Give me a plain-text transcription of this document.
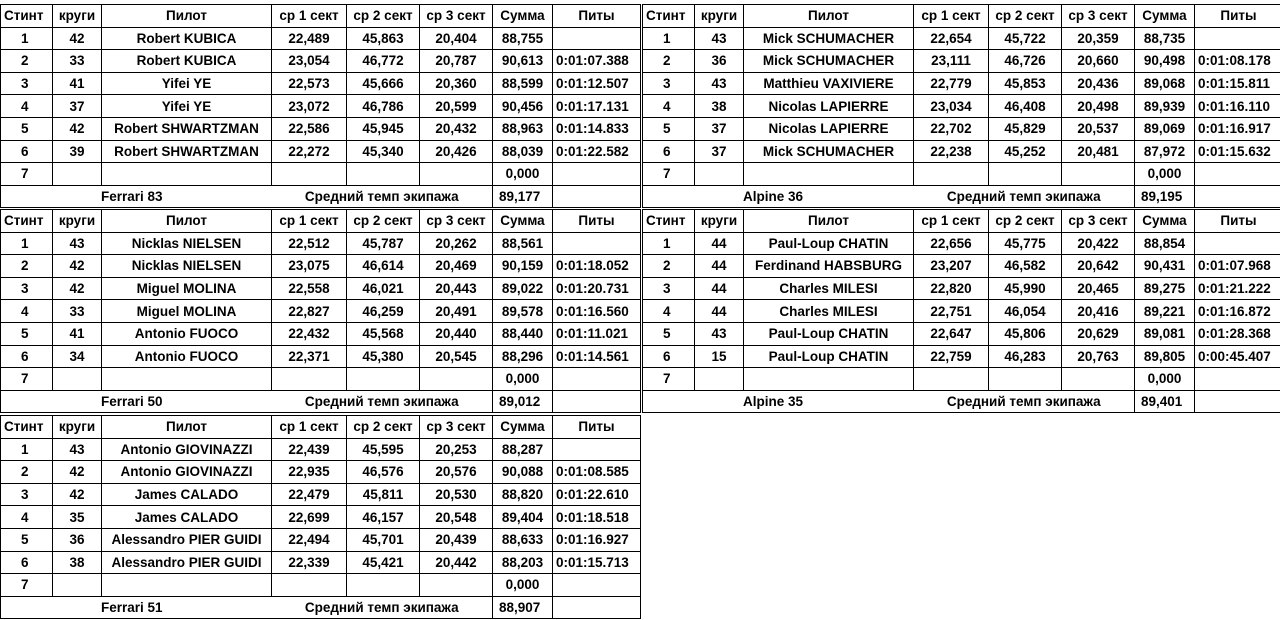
Стинт	круги	Пилот	ср 1 сект	ср 2 сект	ср 3 сект	Сумма	Питы
1	42	Robert KUBICA	22,489	45,863	20,404	88,755	
2	33	Robert KUBICA	23,054	46,772	20,787	90,613	0:01:07.388
3	41	Yifei YE	22,573	45,666	20,360	88,599	0:01:12.507
4	37	Yifei YE	23,072	46,786	20,599	90,456	0:01:17.131
5	42	Robert SHWARTZMAN	22,586	45,945	20,432	88,963	0:01:14.833
6	39	Robert SHWARTZMAN	22,272	45,340	20,426	88,039	0:01:22.582
7						0,000	
Ferrari 83			Средний темп экипажа			89,177	
Стинт	круги	Пилот	ср 1 сект	ср 2 сект	ср 3 сект	Сумма	Питы
1	43	Mick SCHUMACHER	22,654	45,722	20,359	88,735	
2	36	Mick SCHUMACHER	23,111	46,726	20,660	90,498	0:01:08.178
3	43	Matthieu VAXIVIERE	22,779	45,853	20,436	89,068	0:01:15.811
4	38	Nicolas LAPIERRE	23,034	46,408	20,498	89,939	0:01:16.110
5	37	Nicolas LAPIERRE	22,702	45,829	20,537	89,069	0:01:16.917
6	37	Mick SCHUMACHER	22,238	45,252	20,481	87,972	0:01:15.632
7						0,000	
Alpine 36			Средний темп экипажа			89,195	
Стинт	круги	Пилот	ср 1 сект	ср 2 сект	ср 3 сект	Сумма	Питы
1	43	Nicklas NIELSEN	22,512	45,787	20,262	88,561	
2	42	Nicklas NIELSEN	23,075	46,614	20,469	90,159	0:01:18.052
3	42	Miguel MOLINA	22,558	46,021	20,443	89,022	0:01:20.731
4	33	Miguel MOLINA	22,827	46,259	20,491	89,578	0:01:16.560
5	41	Antonio FUOCO	22,432	45,568	20,440	88,440	0:01:11.021
6	34	Antonio FUOCO	22,371	45,380	20,545	88,296	0:01:14.561
7						0,000	
Ferrari 50			Средний темп экипажа			89,012	
Стинт	круги	Пилот	ср 1 сект	ср 2 сект	ср 3 сект	Сумма	Питы
1	44	Paul-Loup CHATIN	22,656	45,775	20,422	88,854	
2	44	Ferdinand HABSBURG	23,207	46,582	20,642	90,431	0:01:07.968
3	44	Charles MILESI	22,820	45,990	20,465	89,275	0:01:21.222
4	44	Charles MILESI	22,751	46,054	20,416	89,221	0:01:16.872
5	43	Paul-Loup CHATIN	22,647	45,806	20,629	89,081	0:01:28.368
6	15	Paul-Loup CHATIN	22,759	46,283	20,763	89,805	0:00:45.407
7						0,000	
Alpine 35			Средний темп экипажа			89,401	
Стинт	круги	Пилот	ср 1 сект	ср 2 сект	ср 3 сект	Сумма	Питы
1	43	Antonio GIOVINAZZI	22,439	45,595	20,253	88,287	
2	42	Antonio GIOVINAZZI	22,935	46,576	20,576	90,088	0:01:08.585
3	42	James CALADO	22,479	45,811	20,530	88,820	0:01:22.610
4	35	James CALADO	22,699	46,157	20,548	89,404	0:01:18.518
5	36	Alessandro PIER GUIDI	22,494	45,701	20,439	88,633	0:01:16.927
6	38	Alessandro PIER GUIDI	22,339	45,421	20,442	88,203	0:01:15.713
7						0,000	
Ferrari 51			Средний темп экипажа			88,907	
